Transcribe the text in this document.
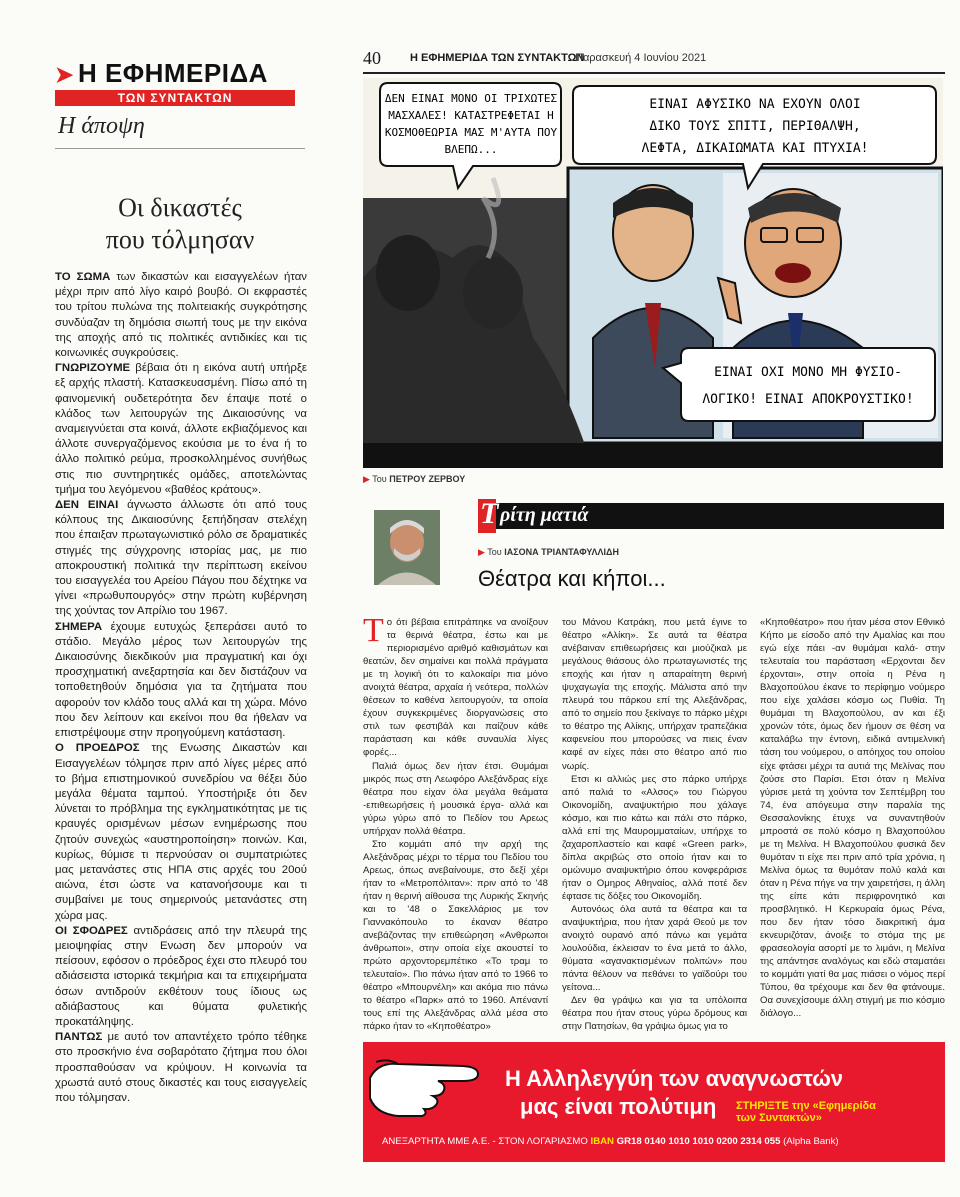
➤ Η ΕΦΗΜΕΡΙΔΑ
ΤΩΝ ΣΥΝΤΑΚΤΩΝ
Η άποψη
Οι δικαστές
που τόλμησαν

ΤΟ ΣΩΜΑ των δικαστών και εισαγγελέων ήταν μέχρι πριν από λίγο καιρό βουβό. Οι εκφραστές του τρίτου πυλώνα της πολιτειακής συγκρότησης συνδύαζαν τη δημόσια σιωπή τους με την εικόνα της αποχής από τις πολιτικές αντιδικίες και τις κοινωνικές συγκρούσεις.

ΓΝΩΡΙΖΟΥΜΕ βέβαια ότι η εικόνα αυτή υπήρξε εξ αρχής πλαστή. Κατασκευασμένη. Πίσω από τη φαινομενική ουδετερότητα δεν έπαψε ποτέ ο κλάδος των λειτουργών της Δικαιοσύνης να αναμειγνύεται στα κοινά, άλλοτε εκβιαζόμενος και άλλοτε συνεργαζόμενος εκούσια με το ένα ή το άλλο πολιτικό ρεύμα, προσκολλημένος συνήθως στις πιο συντηρητικές ομάδες, αποτελώντας τμήμα του λεγόμενου «βαθέος κράτους».

ΔΕΝ ΕΙΝΑΙ άγνωστο άλλωστε ότι από τους κόλπους της Δικαιοσύνης ξεπήδησαν στελέχη που έπαιξαν πρωταγωνιστικό ρόλο σε δραματικές στιγμές της σύγχρονης ιστορίας μας, με πιο αποκρουστική πολιτικά την περίπτωση εκείνου του εισαγγελέα του Αρείου Πάγου που δέχτηκε να γίνει «πρωθυπουργός» στην πρώτη κυβέρνηση της χούντας τον Απρίλιο του 1967.

ΣΗΜΕΡΑ έχουμε ευτυχώς ξεπεράσει αυτό το στάδιο. Μεγάλο μέρος των λειτουργών της Δικαιοσύνης διεκδικούν μια πραγματική και όχι προσχηματική ανεξαρτησία και δεν διστάζουν να τοποθετηθούν δημόσια για τα ζητήματα που αφορούν τον κλάδο τους αλλά και τη χώρα. Μόνο που δεν λείπουν και εκείνοι που θα ήθελαν να επιστρέψουμε στην προηγούμενη κατάσταση.

Ο ΠΡΟΕΔΡΟΣ της Ενωσης Δικαστών και Εισαγγελέων τόλμησε πριν από λίγες μέρες από το βήμα επιστημονικού συνεδρίου να θέξει δύο μεγάλα θέματα ταμπού. Υποστήριξε ότι δεν λύνεται το πρόβλημα της εγκληματικότητας με τις κραυγές ορισμένων μέσων ενημέρωσης που ζητούν συνεχώς «αυστηροποίηση» ποινών. Και, κυρίως, θύμισε τι περνούσαν οι συμπατριώτες μας μετανάστες στις ΗΠΑ στις αρχές του 20ού αιώνα, έτσι ώστε να κατανοήσουμε και τι συμβαίνει με τους σημερινούς μετανάστες στη χώρα μας.

ΟΙ ΣΦΟΔΡΕΣ αντιδράσεις από την πλευρά της μειοψηφίας στην Ενωση δεν μπορούν να πείσουν, εφόσον ο πρόεδρος έχει στο πλευρό του αδιάσειστα ιστορικά τεκμήρια και τα επιχειρήματα όσων αντιδρούν εκθέτουν τους ίδιους ως αδιάβαστους και θύματα φυλετικής προκατάληψης.

ΠΑΝΤΩΣ με αυτό τον απαντέχετο τρόπο τέθηκε στο προσκήνιο ένα σοβαρότατο ζήτημα που όλοι προσπαθούσαν να κρύψουν. Η κοινωνία τα χρωστά αυτό στους δικαστές και τους εισαγγελείς που τόλμησαν.

40	Η ΕΦΗΜΕΡΙΔΑ ΤΩΝ ΣΥΝΤΑΚΤΩΝ
Παρασκευή 4 Ιουνίου 2021
ΔΕΝ ΕΙΝΑΙ ΜΟΝΟ ΟΙ ΤΡΙΧΩΤΕΣ
ΜΑΣΧΑΛΕΣ! ΚΑΤΑΣΤΡΕΦΕΤΑΙ Η
ΚΟΣΜΟΘΕΩΡΙΑ ΜΑΣ Μ'ΑΥΤΑ ΠΟΥ
ΒΛΕΠΩ...
ΕΙΝΑΙ ΑΦΥΣΙΚΟ ΝΑ ΕΧΟΥΝ ΟΛΟΙ
ΔΙΚΟ ΤΟΥΣ ΣΠΙΤΙ, ΠΕΡΙΘΑΛΨΗ,
ΛΕΦΤΑ, ΔΙΚΑΙΩΜΑΤΑ ΚΑΙ ΠΤΥΧΙΑ!
ΕΙΝΑΙ ΟΧΙ ΜΟΝΟ ΜΗ ΦΥΣΙΟ-
ΛΟΓΙΚΟ! ΕΙΝΑΙ ΑΠΟΚΡΟΥΣΤΙΚΟ!
▶ Του ΠΕΤΡΟΥ ΖΕΡΒΟΥ
Τ ρίτη ματιά
▶ Του ΙΑΣΟΝΑ ΤΡΙΑΝΤΑΦΥΛΛΙΔΗ
Θέατρα και κήποι...

Το ότι βέβαια επιτράπηκε να ανοίξουν τα θερινά θέατρα, έστω και με περιορισμένο αριθμό καθισμάτων και θεατών, δεν σημαίνει και πολλά πράγματα με τη λογική ότι το καλοκαίρι πια μόνο ανοιχτά θέατρα, αρχαία ή νεότερα, πολλών θέσεων το καθένα λειτουργούν, τα οποία έχουν συγκεκριμένες διοργανώσεις στο στιλ των φεστιβάλ και παίζουν κάθε παράσταση και κάθε συναυλία λίγες φορές...

Παλιά όμως δεν ήταν έτσι. Θυμάμαι μικρός πως στη Λεωφόρο Αλεξάνδρας είχε θέατρα που είχαν όλα μεγάλα θεάματα -επιθεωρήσεις ή μουσικά έργα- αλλά και γύρω γύρω από το Πεδίον του Αρεως υπήρχαν πολλά θέατρα.

Στο κομμάτι από την αρχή της Αλεξάνδρας μέχρι το τέρμα του Πεδίου του Αρεως, όπως ανεβαίνουμε, στο δεξί χέρι ήταν το «Μετροπόλιταν»: πριν από το '48 ήταν η θερινή αίθουσα της Λυρικής Σκηνής και το '48 ο Σακελλάριος με τον Γιαννακόπουλο το έκαναν θέατρο ανεβάζοντας την επιθεώρηση «Ανθρωποι άνθρωποι», στην οποία είχε ακουστεί το πρώτο αρχοντορεμπέτικο «Το τραμ το τελευταίο». Πιο πάνω ήταν από το 1966 το θέατρο «Μπουρνέλη» και ακόμα πιο πάνω το θέατρο «Παρκ» από το 1960. Απέναντί τους επί της Αλεξάνδρας αλλά μέσα στο πάρκο ήταν το «Κηποθέατρο»

του Μάνου Κατράκη, που μετά έγινε το θέατρο «Αλίκη». Σε αυτά τα θέατρα ανέβαιναν επιθεωρήσεις και μιούζικαλ με μεγάλους θιάσους όλο πρωταγωνιστές της εποχής και ήταν η απαραίτητη θερινή ψυχαγωγία της εποχής. Μάλιστα από την πλευρά του πάρκου επί της Αλεξάνδρας, από το σημείο που ξεκίναγε το πάρκο μέχρι το θέατρο της Αλίκης, υπήρχαν τραπεζάκια καφενείου που μπορούσες να πιεις έναν καφέ αν είχες πάει στο θέατρο από πιο νωρίς.

Ετσι κι αλλιώς μες στο πάρκο υπήρχε από παλιά το «Αλσος» του Γιώργου Οικονομίδη, αναψυκτήριο που χάλαγε κόσμο, και πιο κάτω και πάλι στο πάρκο, αλλά επί της Μαυρομματαίων, υπήρχε το ζαχαροπλαστείο και καφέ «Green park», δίπλα ακριβώς στο οποίο ήταν και το ομώνυμο αναψυκτήριο όπου κονφεράρισε ήταν ο Ομηρος Αθηναίος, αλλά ποτέ δεν έφτασε τις δόξες του Οικονομίδη.

Αυτονόως όλα αυτά τα θέατρα και τα αναψυκτήρια, που ήταν χαρά Θεού με τον ανοιχτό ουρανό από πάνω και γεμάτα λουλούδια, έκλεισαν το ένα μετά το άλλο, θύματα «αγανακτισμένων πολιτών» που πάντα θέλουν να πεθάνει το γαϊδούρι του γείτονα...

Δεν θα γράψω και για τα υπόλοιπα θέατρα που ήταν στους γύρω δρόμους και στην Πατησίων, θα γράψω όμως για το

«Κηποθέατρο» που ήταν μέσα στον Εθνικό Κήπο με είσοδο από την Αμαλίας και που εγώ είχε πάει -αν θυμάμαι καλά- στην τελευταία του παράσταση «Ερχονται δεν έρχονται», στην οποία η Ρένα η Βλαχοπούλου έκανε το περίφημο νούμερο που είχε χαλάσει κόσμο ως Πυθία. Τη θυμάμαι τη Βλαχοπούλου, αν και έξι χρονών τότε, όμως δεν ήμουν σε θέση να καταλάβω την έντονη, ειδικά αντιμελνική τάση του νούμερου, ο απόηχος του οποίου είχε φτάσει μέχρι τα αυτιά της Μελίνας που ζούσε στο Παρίσι. Ετσι όταν η Μελίνα γύρισε μετά τη χούντα τον Σεπτέμβρη του 74, ένα απόγευμα στην παραλία της Θεσσαλονίκης έτυχε να συναντηθούν μπροστά σε πολύ κόσμο η Βλαχοπούλου με τη Μελίνα. Η Βλαχοπούλου φυσικά δεν θυμόταν τι είχε πει πριν από τρία χρόνια, η Μελίνα όμως τα θυμόταν πολύ καλά και όταν η Ρένα πήγε να την χαιρετήσει, η άλλη της είπε κάτι περιφρονητικό και προσβλητικό. Η Κερκυραία όμως Ρένα, που δεν ήταν τόσο διακριτική άμα εκνευριζόταν, άνοιξε το στόμα της με φρασεολογία ασορτί με το λιμάνι, η Μελίνα της απάντησε αναλόγως και εδώ σταματάει το κομμάτι γιατί θα μας πιάσει ο νόμος περί Τύπου, θα τρέχουμε και δεν θα φτάνουμε. Οα συνεχίσουμε άλλη στιγμή με πιο κόσμιο διάλογο...

Η Αλληλεγγύη των αναγνωστών
μας είναι πολύτιμη ΣΤΗΡΙΞΤΕ την «Εφημερίδα
των Συντακτών»
ΑΝΕΞΑΡΤΗΤΑ ΜΜΕ Α.Ε. - ΣΤΟΝ ΛΟΓΑΡΙΑΣΜΟ IBAN GR18 0140 1010 1010 0200 2314 055 (Alpha Bank)
